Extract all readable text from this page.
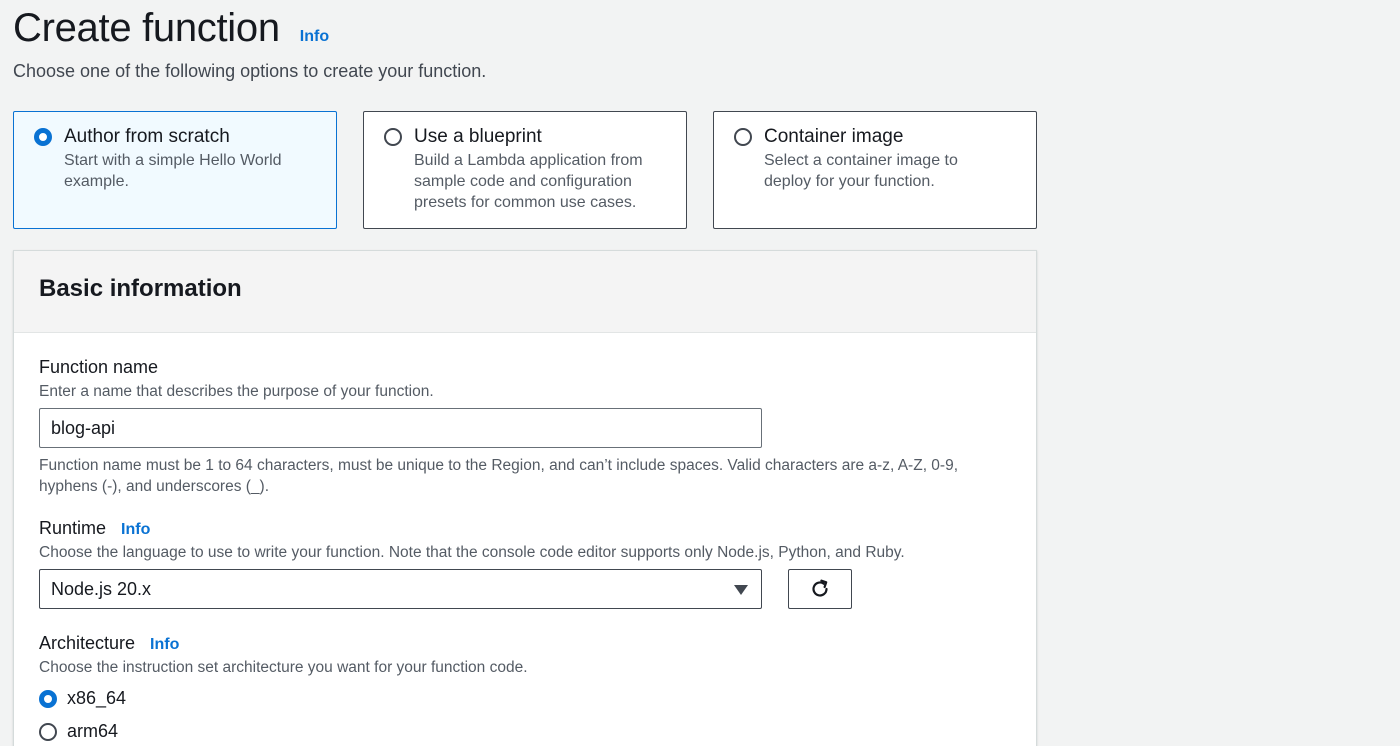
Create function Info
Choose one of the following options to create your function.
Author from scratch
Start with a simple Hello World example.
Use a blueprint
Build a Lambda application from sample code and configuration presets for common use cases.
Container image
Select a container image to deploy for your function.
Basic information
Function name
Enter a name that describes the purpose of your function.
blog-api
Function name must be 1 to 64 characters, must be unique to the Region, and can’t include spaces. Valid characters are a-z, A-Z, 0-9, hyphens (-), and underscores (_).
Runtime Info
Choose the language to use to write your function. Note that the console code editor supports only Node.js, Python, and Ruby.
Node.js 20.x
Architecture Info
Choose the instruction set architecture you want for your function code.
x86_64
arm64
